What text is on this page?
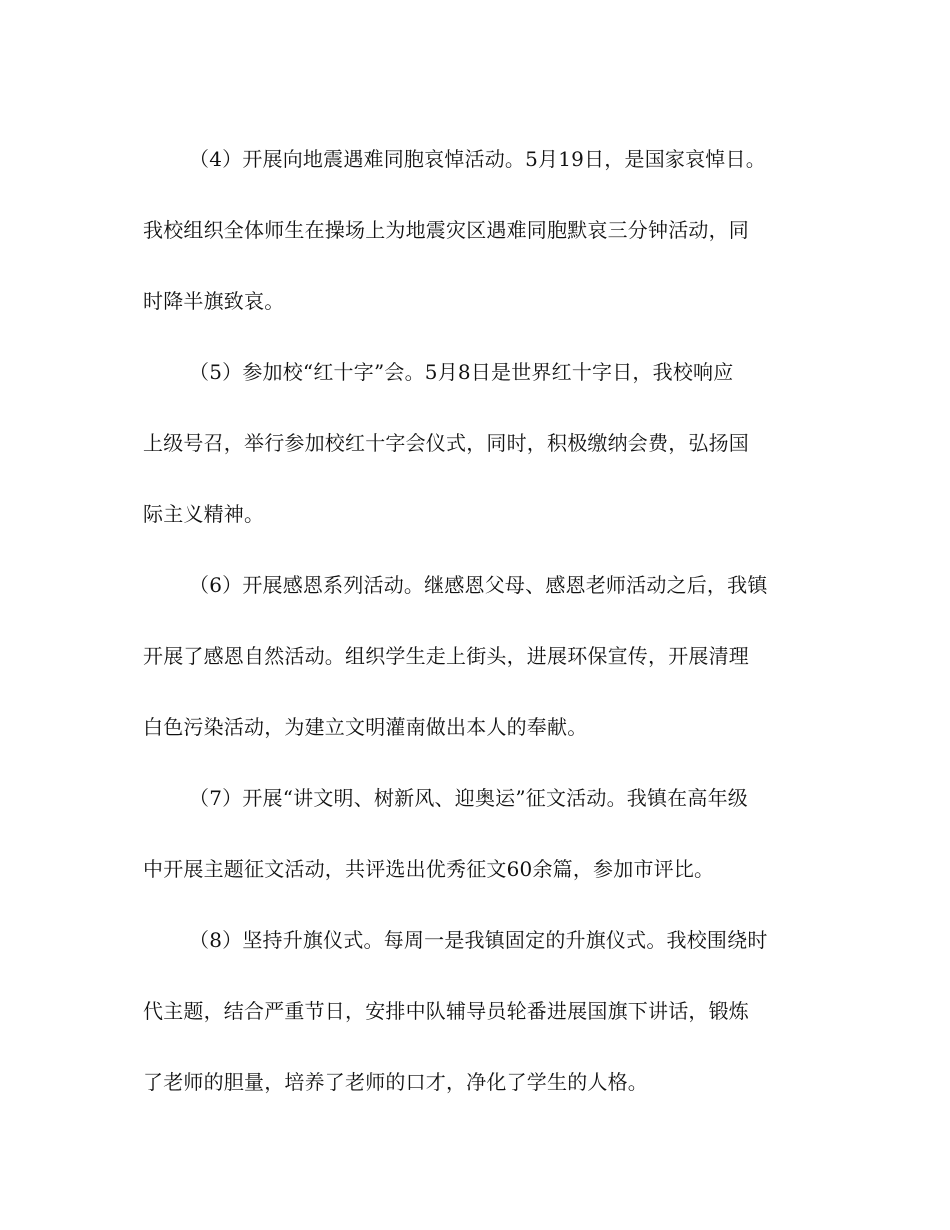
（4）开展向地震遇难同胞哀悼活动。5月19日，是国家哀悼日。
我校组织全体师生在操场上为地震灾区遇难同胞默哀三分钟活动，同
时降半旗致哀。
（5）参加校“红十字”会。5月8日是世界红十字日，我校响应
上级号召，举行参加校红十字会仪式，同时，积极缴纳会费，弘扬国
际主义精神。
（6）开展感恩系列活动。继感恩父母、感恩老师活动之后，我镇
开展了感恩自然活动。组织学生走上街头，进展环保宣传，开展清理
白色污染活动，为建立文明灌南做出本人的奉献。
（7）开展“讲文明、树新风、迎奥运”征文活动。我镇在高年级
中开展主题征文活动，共评选出优秀征文60余篇，参加市评比。
（8）坚持升旗仪式。每周一是我镇固定的升旗仪式。我校围绕时
代主题，结合严重节日，安排中队辅导员轮番进展国旗下讲话，锻炼
了老师的胆量，培养了老师的口才，净化了学生的人格。
